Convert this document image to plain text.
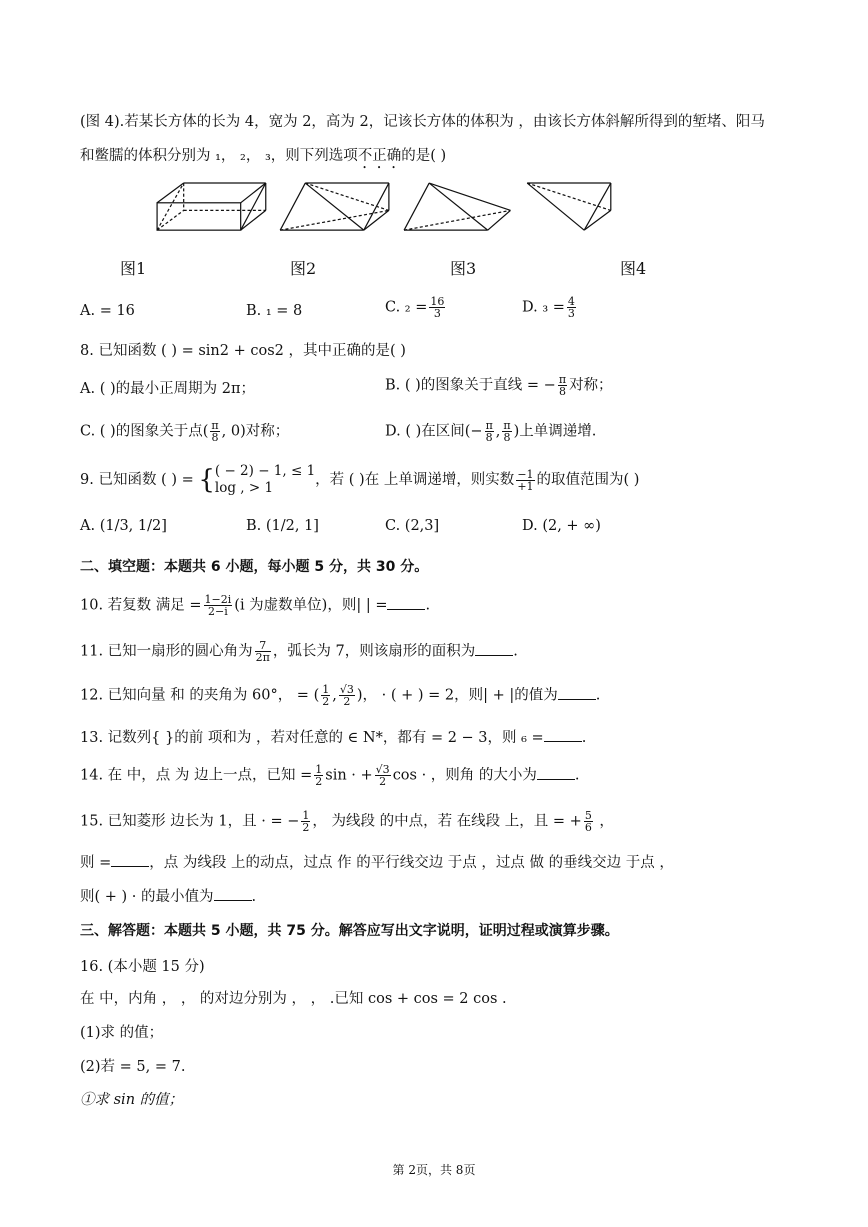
(图 4).若某长方体的长为 4，宽为 2，高为 2，记该长方体的体积为 ，由该长方体斜解所得到的堑堵、阳马
和鳖臑的体积分别为 ₁， ₂， ₃，则下列选项不正确的是( )
图1	图2	图3	图4
A. = 16	B. ₁ = 8	C. $_2 = \frac{16}{3}$	D. $_3 = \frac{4}{3}$
8. 已知函数 ( ) = sin2 + cos2 ，其中正确的是( )
A. ( )的最小正周期为 2π；	B. ( )的图象关于直线 = − $\frac{\pi}{8}$ 对称；
C. ( )的图象关于点( $\frac{\pi}{8}$ , 0)对称；	D. ( )在区间(− $\frac{\pi}{8}$ , $\frac{\pi}{8}$ )上单调递增.
9. 已知函数 ( ) = { ( − 2) − 1, ≤ 1
log , > 1	，若 ( )在 上单调递增，则实数 $\frac{-1}{+1}$ 的取值范围为( )
A. (1/3, 1/2]	B. (1/2, 1]	C. (2,3]	D. (2, + ∞)
二、填空题：本题共 6 小题，每小题 5 分，共 30 分。
10. 若复数 满足 = $\frac{1-2i}{2-i} (i$ 为虚数单位)，则| | =	.
11. 已知一扇形的圆心角为 $\frac{7}{2\pi}$ ，弧长为 7，则该扇形的面积为	.
12. 已知向量 和 的夹角为 60°， = ( $\frac{1}{2}$ , $\frac{√3}{2}$ )， · ( + ) = 2，则| + |的值为	.
13. 记数列{ }的前 项和为 ，若对任意的 ∈ N*，都有 = 2 − 3，则 ₆ =	.
14. 在 中，点 为 边上一点，已知 = $\frac{1}{2}$ sin · + $\frac{√3}{2}$ cos · ，则角 的大小为	.
15. 已知菱形 边长为 1，且 · = − $\frac{1}{2}$ ， 为线段 的中点，若 在线段 上，且 = + $\frac{5}{6}$ ，
则 =	，点 为线段 上的动点，过点 作 的平行线交边 于点 ，过点 做 的垂线交边 于点 ，
则( + ) · 的最小值为	.
三、解答题：本题共 5 小题，共 75 分。解答应写出文字说明，证明过程或演算步骤。
16. (本小题 15 分)
在 中，内角 ， ， 的对边分别为 ， ， .已知 cos + cos = 2 cos .
(1)求 的值；
(2)若 = 5, = 7.
①求 sin 的值；
第 2页，共 8页
